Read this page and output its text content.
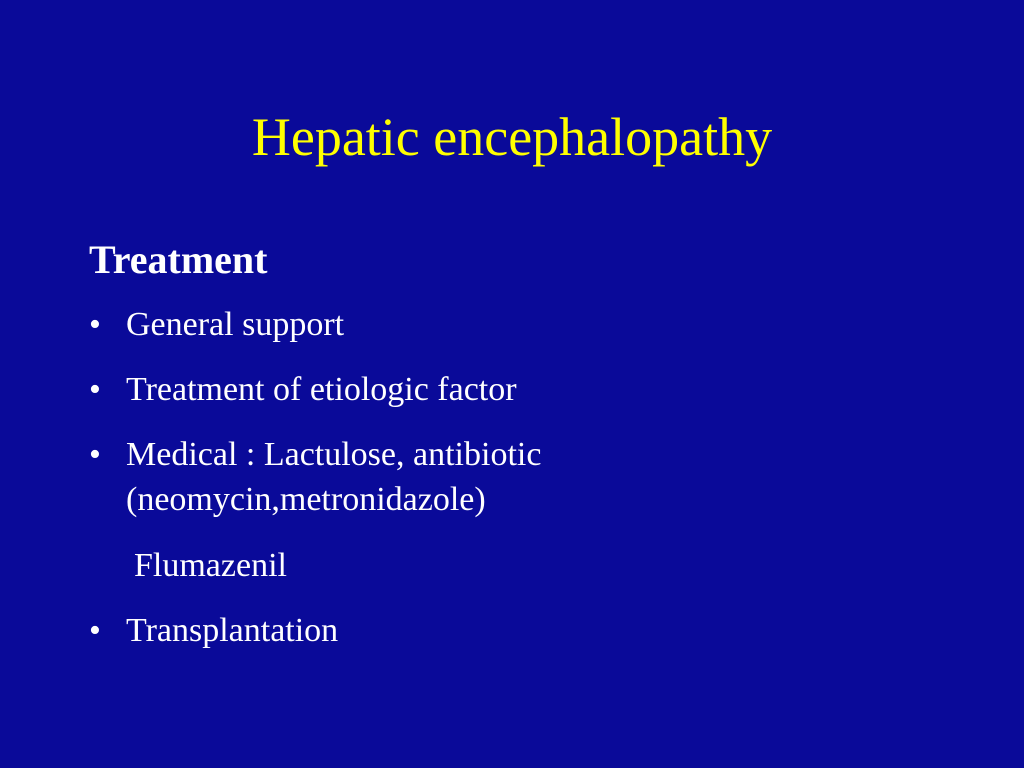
Hepatic encephalopathy
Treatment
• General support
• Treatment of etiologic factor
• Medical : Lactulose, antibiotic
(neomycin,metronidazole)
Flumazenil
• Transplantation
